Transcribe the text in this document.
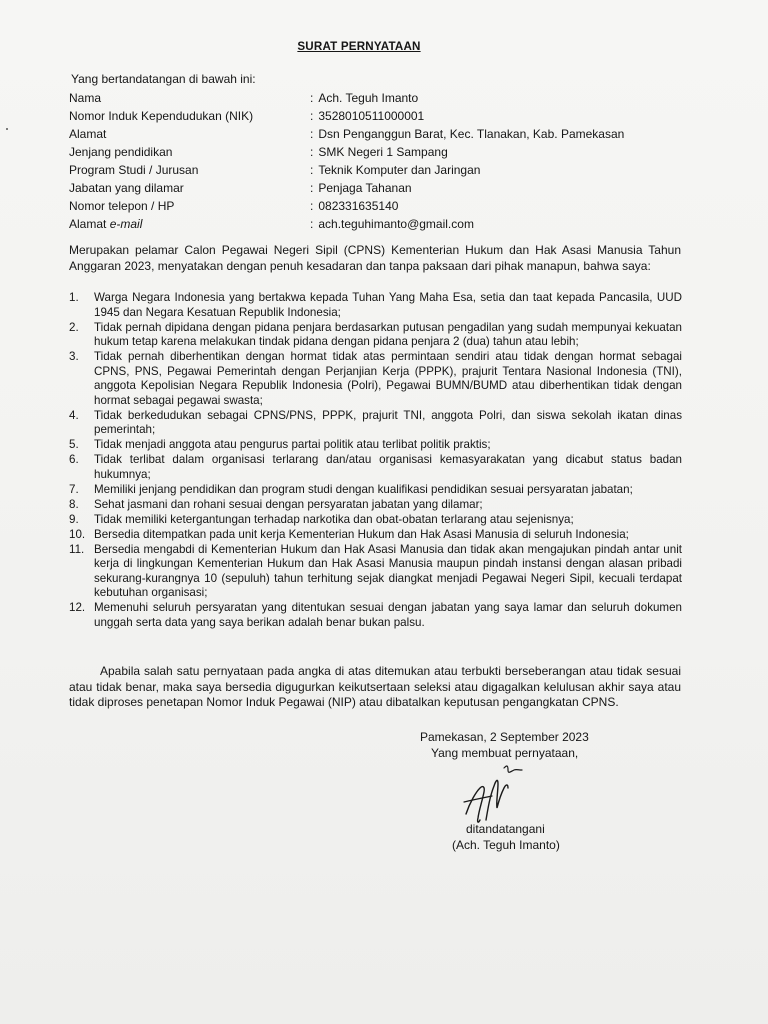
SURAT PERNYATAAN
Yang bertandatangan di bawah ini:
Nama	: Ach. Teguh Imanto
Nomor Induk Kependudukan (NIK)	: 3528010511000001
Alamat	: Dsn Penganggun Barat, Kec. Tlanakan, Kab. Pamekasan
Jenjang pendidikan	: SMK Negeri 1 Sampang
Program Studi / Jurusan	: Teknik Komputer dan Jaringan
Jabatan yang dilamar	: Penjaga Tahanan
Nomor telepon / HP	: 082331635140
Alamat e-mail	: ach.teguhimanto@gmail.com
Merupakan pelamar Calon Pegawai Negeri Sipil (CPNS) Kementerian Hukum dan Hak Asasi Manusia Tahun Anggaran 2023, menyatakan dengan penuh kesadaran dan tanpa paksaan dari pihak manapun, bahwa saya:
1. Warga Negara Indonesia yang bertakwa kepada Tuhan Yang Maha Esa, setia dan taat kepada Pancasila, UUD 1945 dan Negara Kesatuan Republik Indonesia;
2. Tidak pernah dipidana dengan pidana penjara berdasarkan putusan pengadilan yang sudah mempunyai kekuatan hukum tetap karena melakukan tindak pidana dengan pidana penjara 2 (dua) tahun atau lebih;
3. Tidak pernah diberhentikan dengan hormat tidak atas permintaan sendiri atau tidak dengan hormat sebagai CPNS, PNS, Pegawai Pemerintah dengan Perjanjian Kerja (PPPK), prajurit Tentara Nasional Indonesia (TNI), anggota Kepolisian Negara Republik Indonesia (Polri), Pegawai BUMN/BUMD atau diberhentikan tidak dengan hormat sebagai pegawai swasta;
4. Tidak berkedudukan sebagai CPNS/PNS, PPPK, prajurit TNI, anggota Polri, dan siswa sekolah ikatan dinas pemerintah;
5. Tidak menjadi anggota atau pengurus partai politik atau terlibat politik praktis;
6. Tidak terlibat dalam organisasi terlarang dan/atau organisasi kemasyarakatan yang dicabut status badan hukumnya;
7. Memiliki jenjang pendidikan dan program studi dengan kualifikasi pendidikan sesuai persyaratan jabatan;
8. Sehat jasmani dan rohani sesuai dengan persyaratan jabatan yang dilamar;
9. Tidak memiliki ketergantungan terhadap narkotika dan obat-obatan terlarang atau sejenisnya;
10. Bersedia ditempatkan pada unit kerja Kementerian Hukum dan Hak Asasi Manusia di seluruh Indonesia;
11. Bersedia mengabdi di Kementerian Hukum dan Hak Asasi Manusia dan tidak akan mengajukan pindah antar unit kerja di lingkungan Kementerian Hukum dan Hak Asasi Manusia maupun pindah instansi dengan alasan pribadi sekurang-kurangnya 10 (sepuluh) tahun terhitung sejak diangkat menjadi Pegawai Negeri Sipil, kecuali terdapat kebutuhan organisasi;
12. Memenuhi seluruh persyaratan yang ditentukan sesuai dengan jabatan yang saya lamar dan seluruh dokumen unggah serta data yang saya berikan adalah benar bukan palsu.
Apabila salah satu pernyataan pada angka di atas ditemukan atau terbukti berseberangan atau tidak sesuai atau tidak benar, maka saya bersedia digugurkan keikutsertaan seleksi atau digagalkan kelulusan akhir saya atau tidak diproses penetapan Nomor Induk Pegawai (NIP) atau dibatalkan keputusan pengangkatan CPNS.
Pamekasan, 2 September 2023
Yang membuat pernyataan,
ditandatangani
(Ach. Teguh Imanto)
